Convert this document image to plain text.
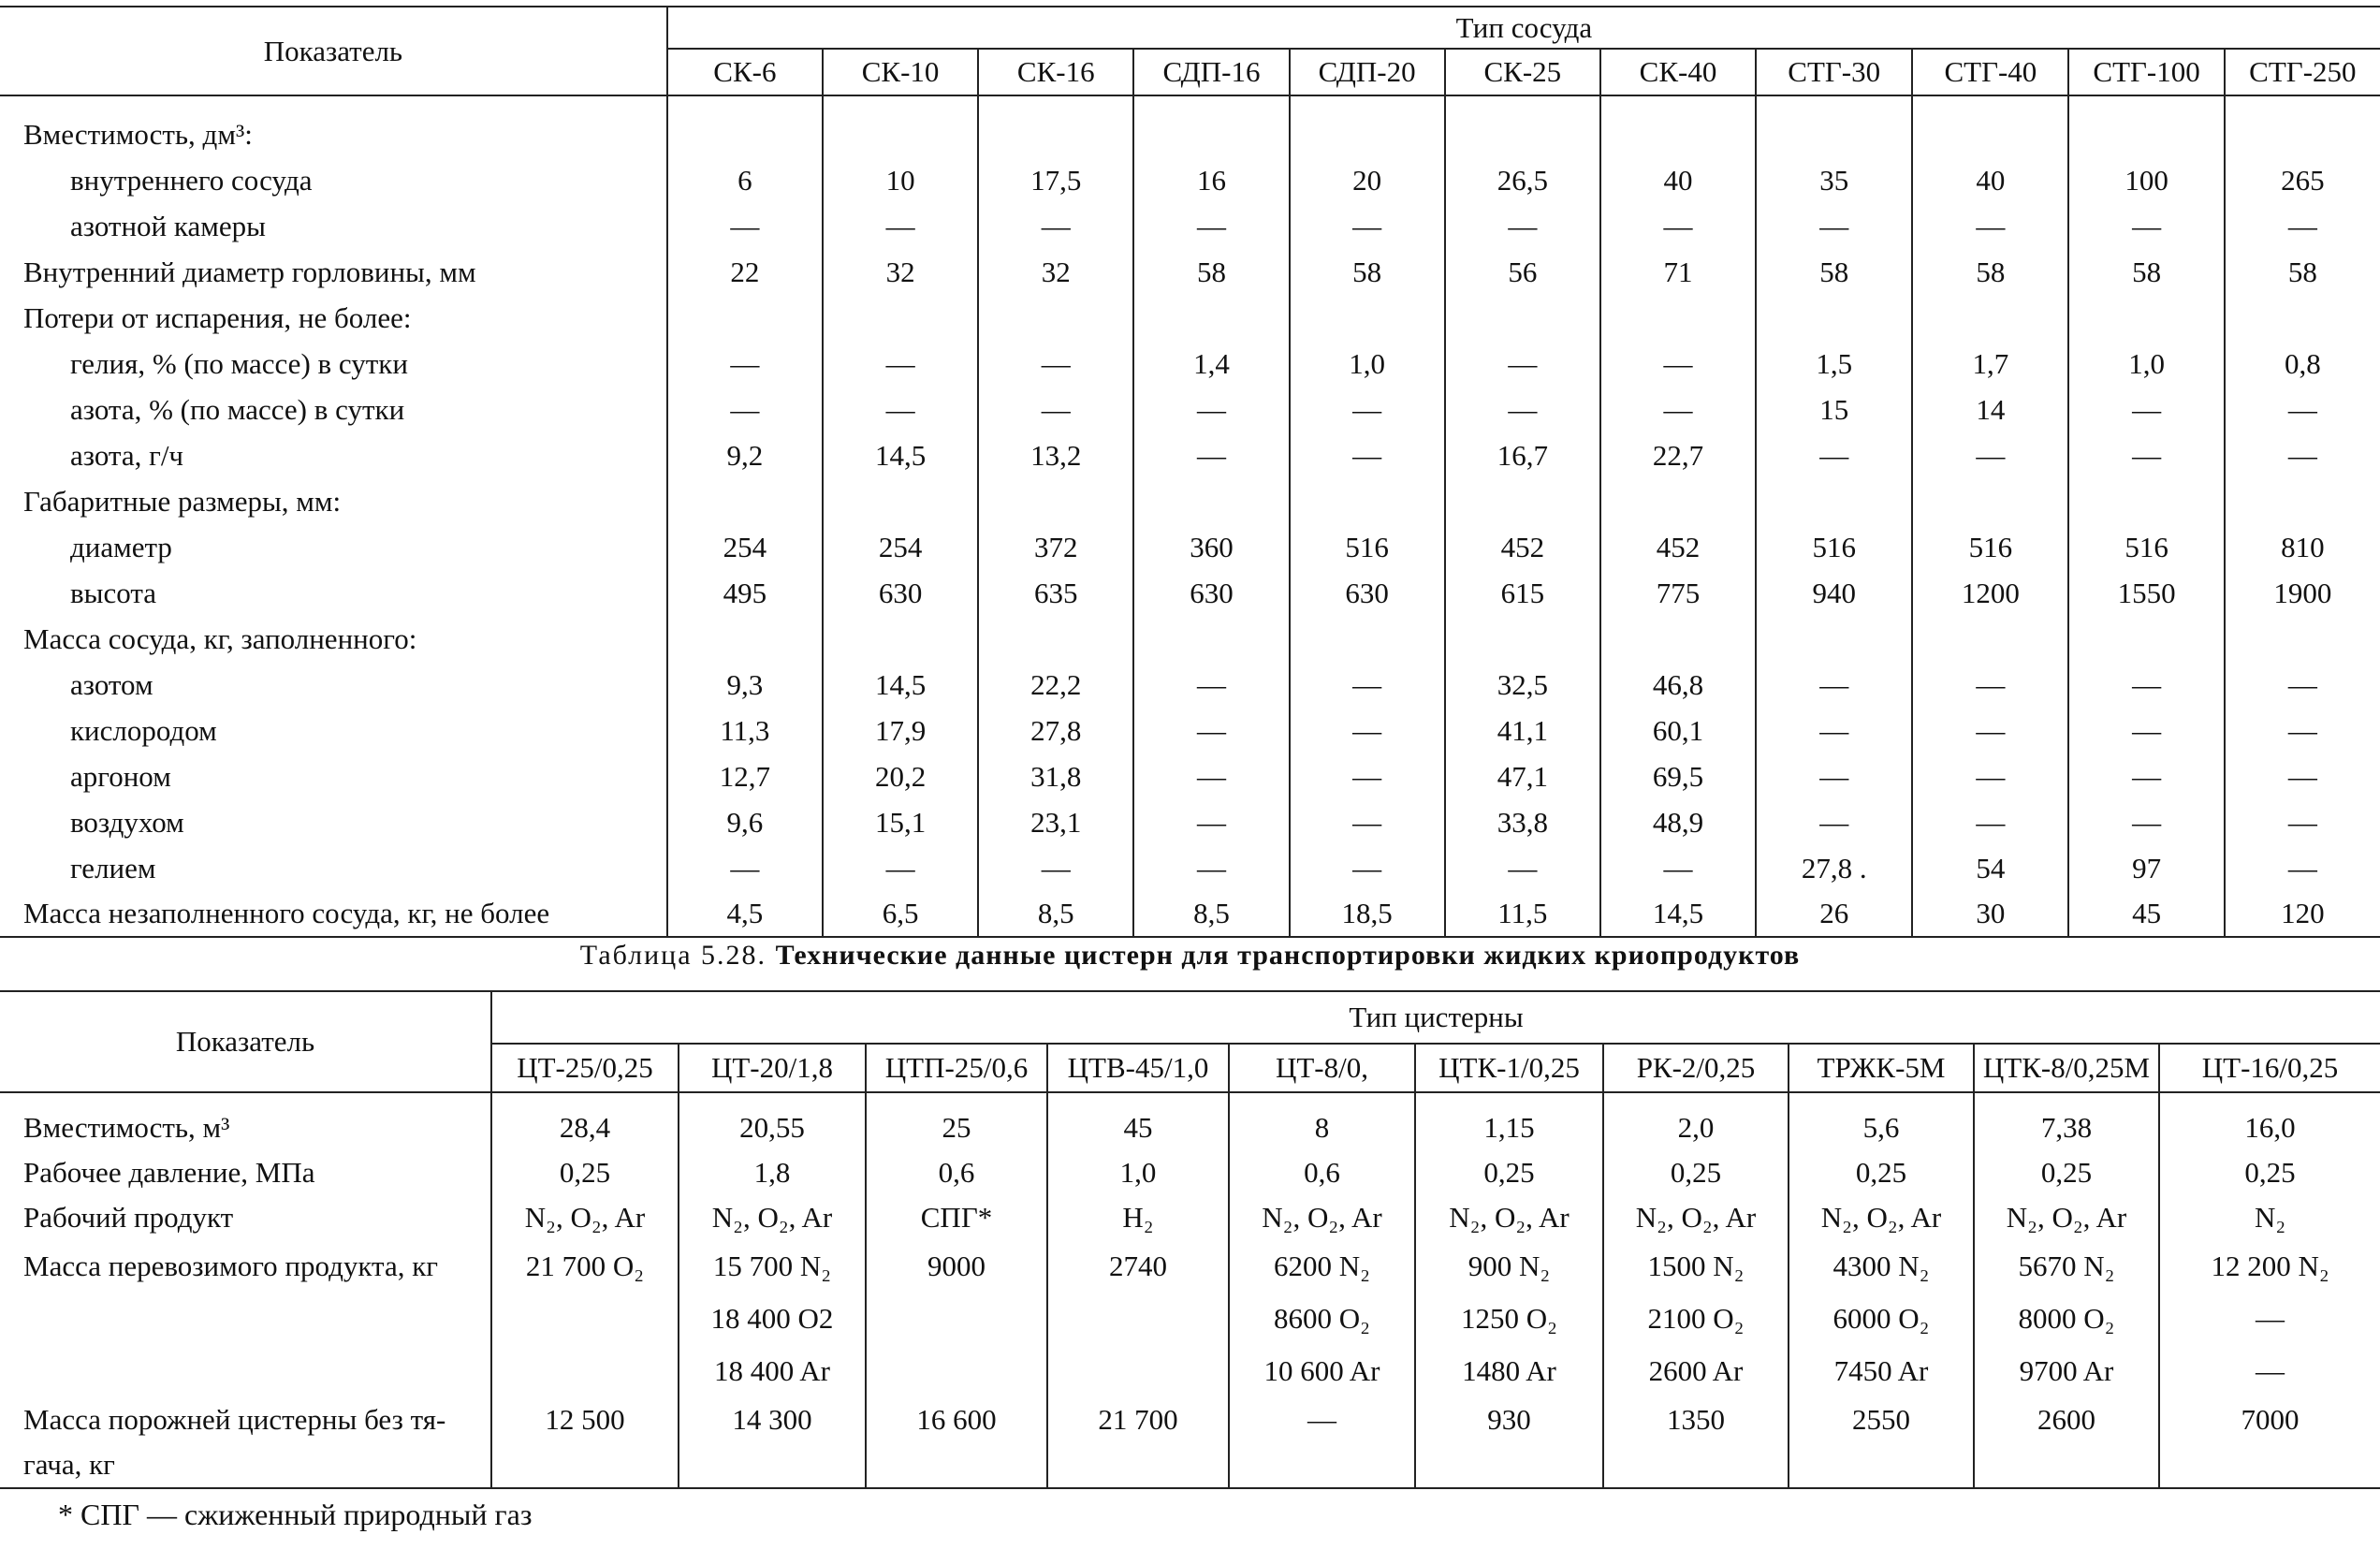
Показатель	Тип сосуда										
	СК-6	СК-10	СК-16	СДП-16	СДП-20	СК-25	СК-40	СТГ-30	СТГ-40	СТГ-100	СТГ-250
Вместимость, дм³:											
внутреннего сосуда	6	10	17,5	16	20	26,5	40	35	40	100	265
азотной камеры	—	—	—	—	—	—	—	—	—	—	—
Внутренний диаметр горловины, мм	22	32	32	58	58	56	71	58	58	58	58
Потери от испарения, не более:											
гелия, % (по массе) в сутки	—	—	—	1,4	1,0	—	—	1,5	1,7	1,0	0,8
азота, % (по массе) в сутки	—	—	—	—	—	—	—	15	14	—	—
азота, г/ч	9,2	14,5	13,2	—	—	16,7	22,7	—	—	—	—
Габаритные размеры, мм:											
диаметр	254	254	372	360	516	452	452	516	516	516	810
высота	495	630	635	630	630	615	775	940	1200	1550	1900
Масса сосуда, кг, заполненного:											
азотом	9,3	14,5	22,2	—	—	32,5	46,8	—	—	—	—
кислородом	11,3	17,9	27,8	—	—	41,1	60,1	—	—	—	—
аргоном	12,7	20,2	31,8	—	—	47,1	69,5	—	—	—	—
воздухом	9,6	15,1	23,1	—	—	33,8	48,9	—	—	—	—
гелием	—	—	—	—	—	—	—	27,8 .	54	97	—
Масса незаполненного сосуда, кг, не более	4,5	6,5	8,5	8,5	18,5	11,5	14,5	26	30	45	120
Таблица 5.28. Технические данные цистерн для транспортировки жидких криопродуктов
Показатель	Тип цистерны									
	ЦТ-25/0,25	ЦТ-20/1,8	ЦТП-25/0,6	ЦТВ-45/1,0	ЦТ-8/0,	ЦТК-1/0,25	РК-2/0,25	ТРЖК-5М	ЦТК-8/0,25М	ЦТ-16/0,25
Вместимость, м³	28,4	20,55	25	45	8	1,15	2,0	5,6	7,38	16,0
Рабочее давление, МПа	0,25	1,8	0,6	1,0	0,6	0,25	0,25	0,25	0,25	0,25
Рабочий продукт	N₂, O₂, Ar	N₂, O₂, Ar	СПГ*	H₂	N₂, O₂, Ar	N₂, O₂, Ar	N₂, O₂, Ar	N₂, O₂, Ar	N₂, O₂, Ar	N₂
Масса перевозимого продукта, кг	21 700 O₂	15 700 N₂	9000	2740	6200 N₂	900 N₂	1500 N₂	4300 N₂	5670 N₂	12 200 N₂
		18 400 O2			8600 O₂	1250 O₂	2100 O₂	6000 O₂	8000 O₂	—
		18 400 Ar			10 600 Ar	1480 Ar	2600 Ar	7450 Ar	9700 Ar	—
Масса порожней цистерны без тя-	12 500	14 300	16 600	21 700	—	930	1350	2550	2600	7000
гача, кг										
* СПГ — сжиженный природный газ
